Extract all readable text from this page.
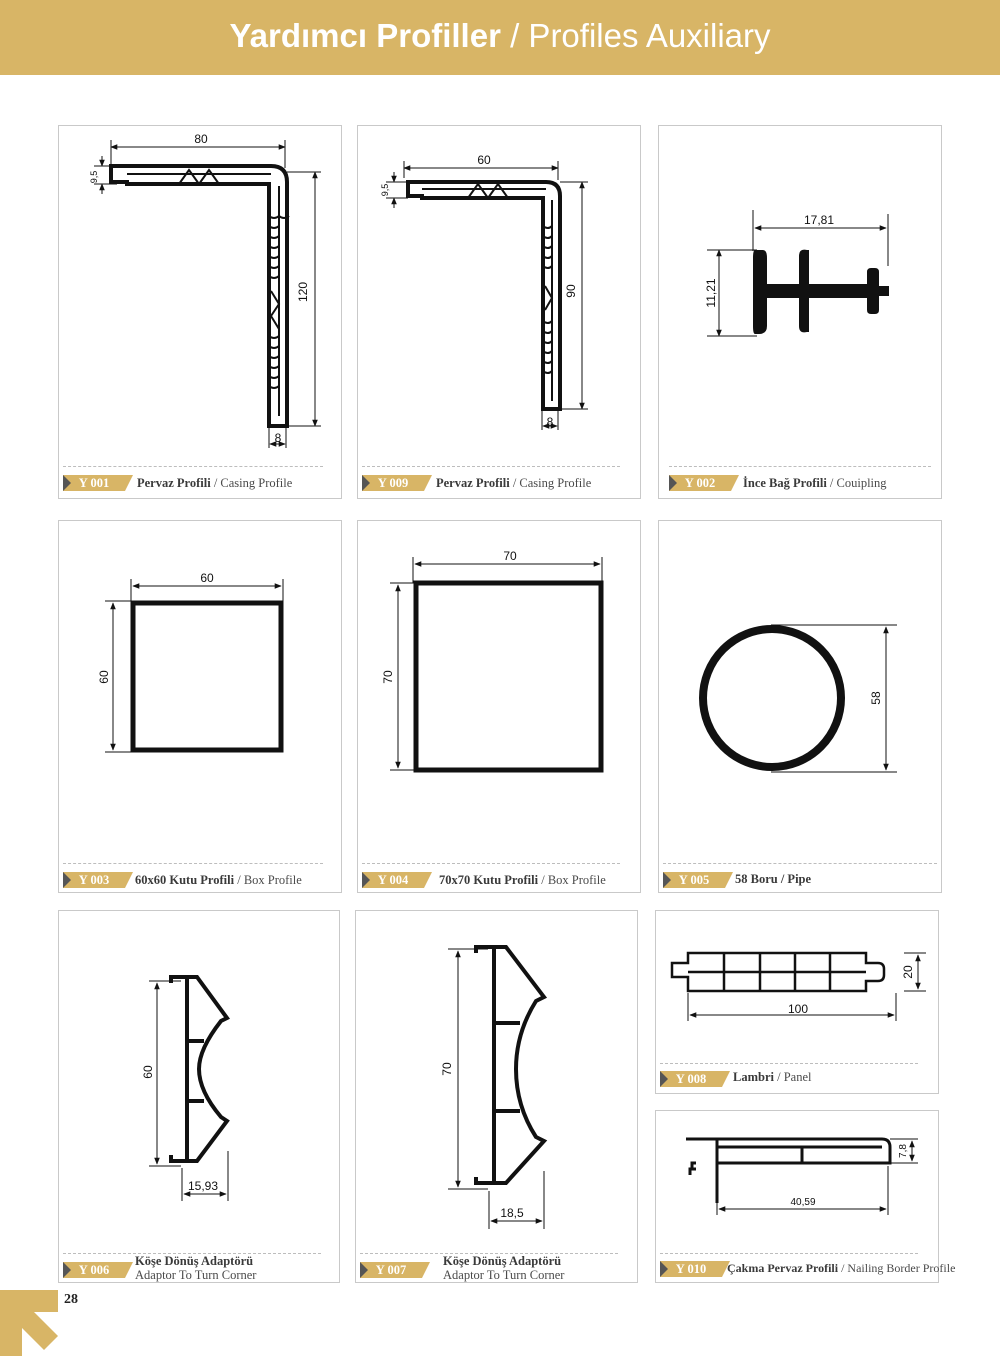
Yardımcı Profiller / Profiles Auxiliary
80
9,5
120
8
Y 001	Pervaz Profili / Casing Profile
60
9,5
90
8
Y 009	Pervaz Profili / Casing Profile
17,81
11,21
Y 002	İnce Bağ Profili / Couipling
60
60
Y 003	60x60 Kutu Profili / Box Profile
70
70
Y 004	70x70 Kutu Profili / Box Profile
58
Y 005	58 Boru / Pipe
60
15,93
Y 006
Köşe Dönüş Adaptörü
Adaptor To Turn Corner
70
18,5
Y 007
Köşe Dönüş Adaptörü
Adaptor To Turn Corner
20
100
Y 008	Lambri / Panel
7,8
40,59
Y 010	Çakma Pervaz Profili / Nailing Border Profile
28
